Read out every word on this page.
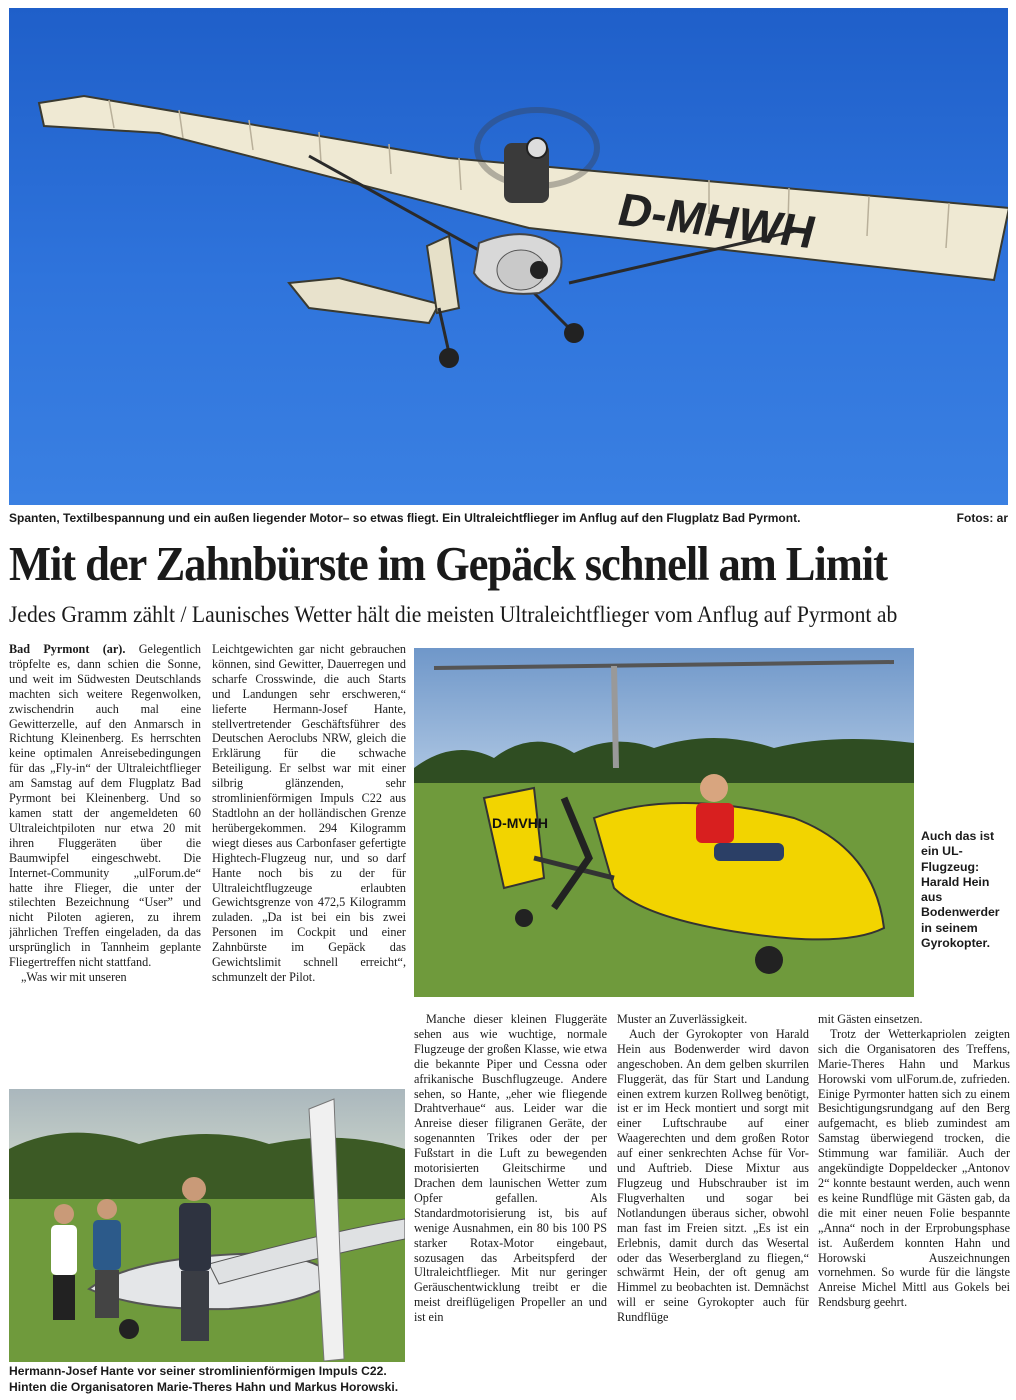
D-MHWH
Spanten, Textilbespannung und ein außen liegender Motor– so etwas fliegt. Ein Ultraleichtflieger im Anflug auf den Flugplatz Bad Pyrmont.	Fotos: ar
Mit der Zahnbürste im Gepäck schnell am Limit
Jedes Gramm zählt / Launisches Wetter hält die meisten Ultraleichtflieger vom Anflug auf Pyrmont ab

Bad Pyrmont (ar). Gelegentlich tröpfelte es, dann schien die Sonne, und weit im Südwesten Deutschlands machten sich weitere Regenwolken, zwischendrin auch mal eine Gewitterzelle, auf den Anmarsch in Richtung Kleinenberg. Es herrschten keine optimalen Anreisebedingungen für das „Fly-in“ der Ultraleichtflieger am Samstag auf dem Flugplatz Bad Pyrmont bei Kleinenberg. Und so kamen statt der angemeldeten 60 Ultraleichtpiloten nur etwa 20 mit ihren Fluggeräten über die Baumwipfel eingeschwebt. Die Internet-Community „ulForum.de“ hatte ihre Flieger, die unter der stilechten Bezeichnung “User” und nicht Piloten agieren, zu ihrem jährlichen Treffen eingeladen, da das ursprünglich in Tannheim geplante Fliegertreffen nicht stattfand.

„Was wir mit unseren

Leichtgewichten gar nicht gebrauchen können, sind Gewitter, Dauerregen und scharfe Crosswinde, die auch Starts und Landungen sehr erschweren,“ lieferte Hermann-Josef Hante, stellvertretender Geschäftsführer des Deutschen Aeroclubs NRW, gleich die Erklärung für die schwache Beteiligung. Er selbst war mit einer silbrig glänzenden, sehr stromlinienförmigen Impuls C22 aus Stadtlohn an der holländischen Grenze herübergekommen. 294 Kilogramm wiegt dieses aus Carbonfaser gefertigte Hightech-Flugzeug nur, und so darf Hante noch bis zu der für Ultraleichtflugzeuge erlaubten Gewichtsgrenze von 472,5 Kilogramm zuladen. „Da ist bei ein bis zwei Personen im Cockpit und einer Zahnbürste im Gepäck das Gewichtslimit schnell erreicht“, schmunzelt der Pilot.

D-MVHH
Auch das ist ein UL-Flugzeug: Harald Hein aus Bodenwerder in seinem Gyrokopter.
Hermann-Josef Hante vor seiner stromlinienförmigen Impuls C22.
Hinten die Organisatoren Marie-Theres Hahn und Markus Horowski.

Manche dieser kleinen Fluggeräte sehen aus wie wuchtige, normale Flugzeuge der großen Klasse, wie etwa die bekannte Piper und Cessna oder afrikanische Buschflugzeuge. Andere sehen, so Hante, „eher wie fliegende Drahtverhaue“ aus. Leider war die Anreise dieser filigranen Geräte, der sogenannten Trikes oder der per Fußstart in die Luft zu bewegenden motorisierten Gleitschirme und Drachen dem launischen Wetter zum Opfer gefallen. Als Standardmotorisierung ist, bis auf wenige Ausnahmen, ein 80 bis 100 PS starker Rotax-Motor eingebaut, sozusagen das Arbeitspferd der Ultraleichtflieger. Mit nur geringer Geräuschentwicklung treibt er die meist dreiflügeligen Propeller an und ist ein

Muster an Zuverlässigkeit.

Auch der Gyrokopter von Harald Hein aus Bodenwerder wird davon angeschoben. An dem gelben skurrilen Fluggerät, das für Start und Landung einen extrem kurzen Rollweg benötigt, ist er im Heck montiert und sorgt mit einer Luftschraube auf einer Waagerechten und dem großen Rotor auf einer senkrechten Achse für Vor- und Auftrieb. Diese Mixtur aus Flugzeug und Hubschrauber ist im Flugverhalten und sogar bei Notlandungen überaus sicher, obwohl man fast im Freien sitzt. „Es ist ein Erlebnis, damit durch das Wesertal oder das Weserbergland zu fliegen,“ schwärmt Hein, der oft genug am Himmel zu beobachten ist. Demnächst will er seine Gyrokopter auch für Rundflüge

mit Gästen einsetzen.

Trotz der Wetterkapriolen zeigten sich die Organisatoren des Treffens, Marie-Theres Hahn und Markus Horowski vom ulForum.de, zufrieden. Einige Pyrmonter hatten sich zu einem Besichtigungsrundgang auf den Berg aufgemacht, es blieb zumindest am Samstag überwiegend trocken, die Stimmung war familiär. Auch der angekündigte Doppeldecker „Antonov 2“ konnte bestaunt werden, auch wenn es keine Rundflüge mit Gästen gab, da die mit einer neuen Folie bespannte „Anna“ noch in der Erprobungsphase ist. Außerdem konnten Hahn und Horowski Auszeichnungen vornehmen. So wurde für die längste Anreise Michel Mittl aus Gokels bei Rendsburg geehrt.
